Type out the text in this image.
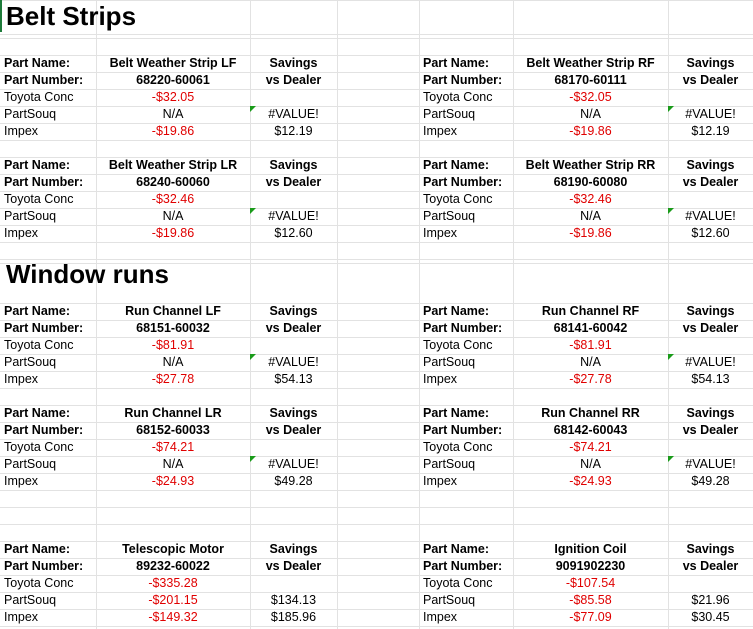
Part Name:	Belt Weather Strip LF	Savings
Part Number:	68220-60061	vs Dealer
Toyota Conc	-$32.05
PartSouq	N/A	#VALUE!
Impex	-$19.86	$12.19
Part Name:	Belt Weather Strip RF	Savings
Part Number:	68170-60111	vs Dealer
Toyota Conc	-$32.05
PartSouq	N/A	#VALUE!
Impex	-$19.86	$12.19
Part Name:	Belt Weather Strip LR	Savings
Part Number:	68240-60060	vs Dealer
Toyota Conc	-$32.46
PartSouq	N/A	#VALUE!
Impex	-$19.86	$12.60
Part Name:	Belt Weather Strip RR	Savings
Part Number:	68190-60080	vs Dealer
Toyota Conc	-$32.46
PartSouq	N/A	#VALUE!
Impex	-$19.86	$12.60
Part Name:	Run Channel LF	Savings
Part Number:	68151-60032	vs Dealer
Toyota Conc	-$81.91
PartSouq	N/A	#VALUE!
Impex	-$27.78	$54.13
Part Name:	Run Channel RF	Savings
Part Number:	68141-60042	vs Dealer
Toyota Conc	-$81.91
PartSouq	N/A	#VALUE!
Impex	-$27.78	$54.13
Part Name:	Run Channel LR	Savings
Part Number:	68152-60033	vs Dealer
Toyota Conc	-$74.21
PartSouq	N/A	#VALUE!
Impex	-$24.93	$49.28
Part Name:	Run Channel RR	Savings
Part Number:	68142-60043	vs Dealer
Toyota Conc	-$74.21
PartSouq	N/A	#VALUE!
Impex	-$24.93	$49.28
Part Name:	Telescopic Motor	Savings
Part Number:	89232-60022	vs Dealer
Toyota Conc	-$335.28
PartSouq	-$201.15	$134.13
Impex	-$149.32	$185.96
Part Name:	Ignition Coil	Savings
Part Number:	9091902230	vs Dealer
Toyota Conc	-$107.54
PartSouq	-$85.58	$21.96
Impex	-$77.09	$30.45
Belt Strips
Window runs
